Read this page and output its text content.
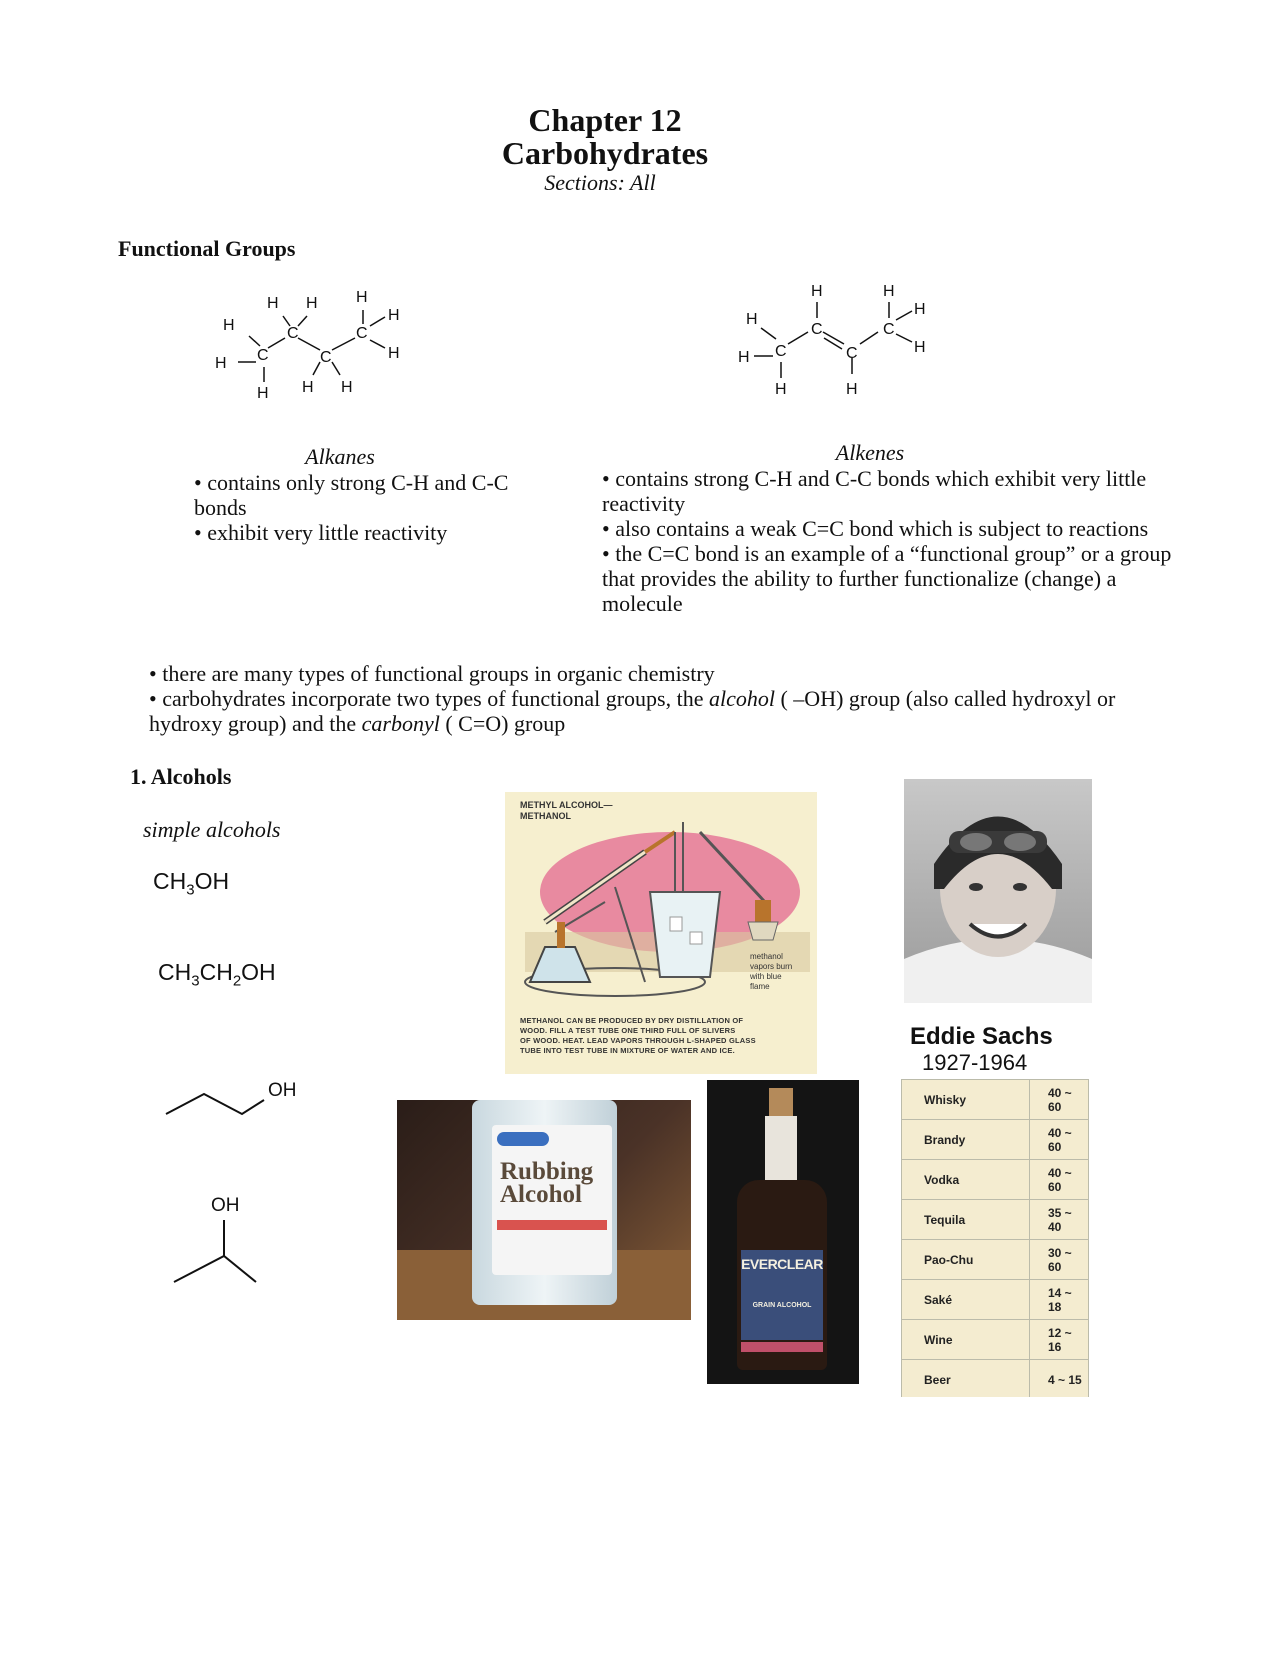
Chapter 12
Carbohydrates
Sections: All
Functional Groups
H
H C
H
H
C
H
C
H H
H
C
H
H
H
H C
H
H
C
C
H
H
C
H
H
Alkanes
• contains only strong C-H and C-C bonds
• exhibit very little reactivity
Alkenes
• contains strong C-H and C-C bonds which exhibit very little reactivity
• also contains a weak C=C bond which is subject to reactions
• the C=C bond is an example of a “functional group” or a group that provides the ability to further functionalize (change) a molecule
• there are many types of functional groups in organic chemistry
• carbohydrates incorporate two types of functional groups, the alcohol ( –OH) group (also called hydroxyl or hydroxy group) and the carbonyl ( C=O) group
1. Alcohols
simple alcohols
$CH_3OH$
$CH_3CH_2OH$
OH
OH
METHYL ALCOHOL—
METHANOL
methanol
vapors burn
with blue
flame
METHANOL CAN BE PRODUCED BY DRY DISTILLATION OF
WOOD. FILL A TEST TUBE ONE THIRD FULL OF SLIVERS
OF WOOD. HEAT. LEAD VAPORS THROUGH L-SHAPED GLASS
TUBE INTO TEST TUBE IN MIXTURE OF WATER AND ICE.
Eddie Sachs
1927-1964
Rubbing
Alcohol
EVERCLEAR
GRAIN ALCOHOL
Whisky	40 ~ 60
Brandy	40 ~ 60
Vodka	40 ~ 60
Tequila	35 ~ 40
Pao-Chu	30 ~ 60
Saké	14 ~ 18
Wine	12 ~ 16
Beer	4 ~ 15
